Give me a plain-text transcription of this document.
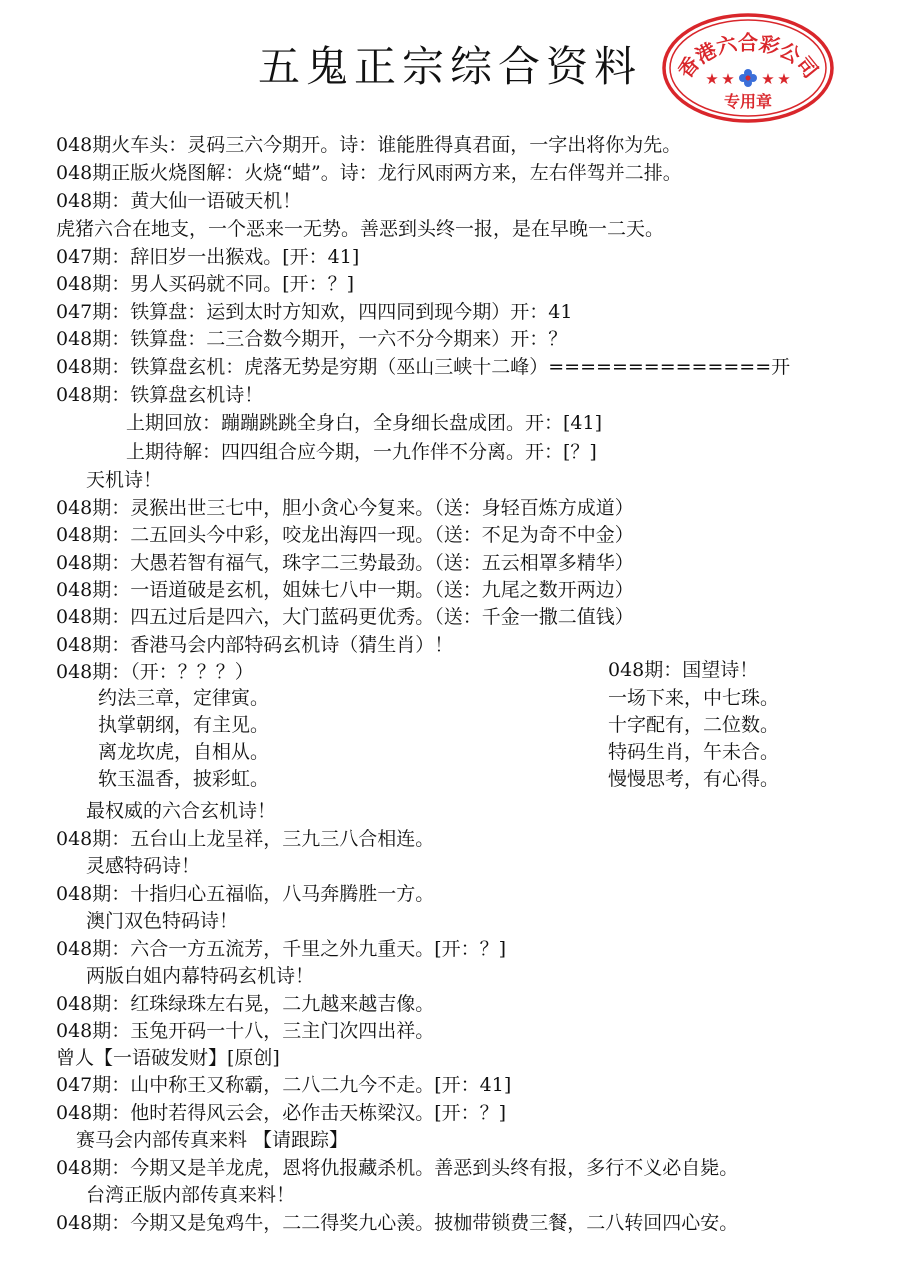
五鬼正宗综合资料	香港六合彩公司
★ ★ ★ ★
专用章
048期火车头：灵码三六今期开。诗：谁能胜得真君面，一字出将你为先。
048期正版火烧图解：火烧“蜡”。诗：龙行风雨两方来，左右伴驾并二排。
048期：黄大仙一语破天机！
虎猪六合在地支，一个恶来一无势。善恶到头终一报，是在早晚一二天。
047期：辞旧岁一出猴戏。[开：41]
048期：男人买码就不同。[开：？]
047期：铁算盘：运到太时方知欢，四四同到现今期）开：41
048期：铁算盘：二三合数今期开，一六不分今期来）开：？
048期：铁算盘玄机：虎落无势是穷期（巫山三峡十二峰）==============开
048期：铁算盘玄机诗！
上期回放：蹦蹦跳跳全身白，全身细长盘成团。开：[41]
上期待解：四四组合应今期，一九作伴不分离。开：[？]
天机诗！
048期：灵猴出世三七中，胆小贪心今复来。（送：身轻百炼方成道）
048期：二五回头今中彩，咬龙出海四一现。（送：不足为奇不中金）
048期：大愚若智有福气，珠字二三势最劲。（送：五云相罩多精华）
048期：一语道破是玄机，姐妹七八中一期。（送：九尾之数开两边）
048期：四五过后是四六，大门蓝码更优秀。（送：千金一撒二值钱）
048期：香港马会内部特码玄机诗（猜生肖）！
048期：（开：？？？）
约法三章，定律寅。
执掌朝纲，有主见。
离龙坎虎，自相从。
软玉温香，披彩虹。
048期：国望诗！
一场下来，中七珠。
十字配有，二位数。
特码生肖，午未合。
慢慢思考，有心得。
最权威的六合玄机诗！
048期：五台山上龙呈祥，三九三八合相连。
灵感特码诗！
048期：十指归心五福临，八马奔腾胜一方。
澳门双色特码诗！
048期：六合一方五流芳，千里之外九重天。[开：？]
两版白姐内幕特码玄机诗！
048期：红珠绿珠左右晃，二九越来越吉像。
048期：玉兔开码一十八，三主门次四出祥。
曾人【一语破发财】[原创]
047期：山中称王又称霸，二八二九今不走。[开：41]
048期：他时若得风云会，必作击天栋梁汉。[开：？]
赛马会内部传真来料 【请跟踪】
048期：今期又是羊龙虎，恩将仇报藏杀机。善恶到头终有报，多行不义必自毙。
台湾正版内部传真来料！
048期：今期又是兔鸡牛，二二得奖九心羡。披枷带锁费三餐，二八转回四心安。
